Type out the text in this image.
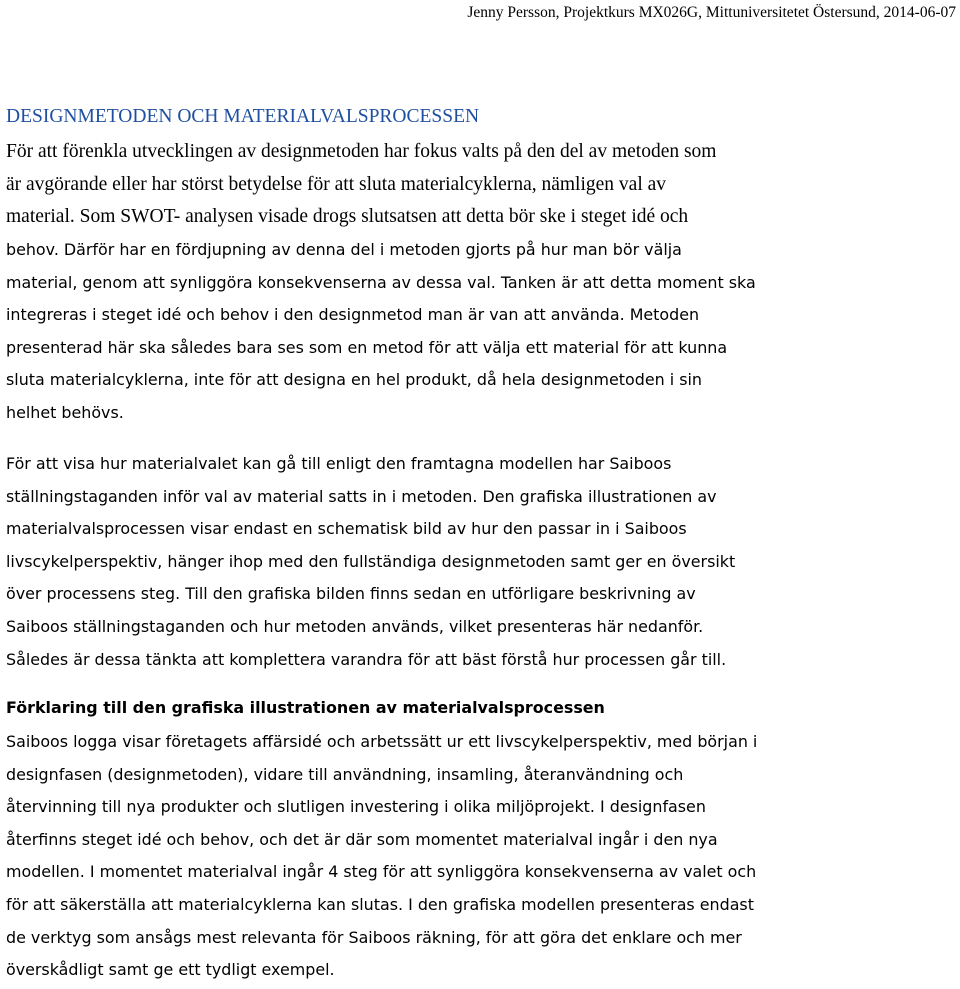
Jenny Persson, Projektkurs MX026G, Mittuniversitetet Östersund, 2014-06-07
DESIGNMETODEN OCH MATERIALVALSPROCESSEN

För att förenkla utvecklingen av designmetoden har fokus valts på den del av metoden som
är avgörande eller har störst betydelse för att sluta materialcyklerna, nämligen val av
material. Som SWOT- analysen visade drogs slutsatsen att detta bör ske i steget idé och

behov. Därför har en fördjupning av denna del i metoden gjorts på hur man bör välja
material, genom att synliggöra konsekvenserna av dessa val. Tanken är att detta moment ska
integreras i steget idé och behov i den designmetod man är van att använda. Metoden
presenterad här ska således bara ses som en metod för att välja ett material för att kunna
sluta materialcyklerna, inte för att designa en hel produkt, då hela designmetoden i sin
helhet behövs.

För att visa hur materialvalet kan gå till enligt den framtagna modellen har Saiboos
ställningstaganden inför val av material satts in i metoden. Den grafiska illustrationen av
materialvalsprocessen visar endast en schematisk bild av hur den passar in i Saiboos
livscykelperspektiv, hänger ihop med den fullständiga designmetoden samt ger en översikt
över processens steg. Till den grafiska bilden finns sedan en utförligare beskrivning av
Saiboos ställningstaganden och hur metoden används, vilket presenteras här nedanför.
Således är dessa tänkta att komplettera varandra för att bäst förstå hur processen går till.

Förklaring till den grafiska illustrationen av materialvalsprocessen

Saiboos logga visar företagets affärsidé och arbetssätt ur ett livscykelperspektiv, med början i
designfasen (designmetoden), vidare till användning, insamling, återanvändning och
återvinning till nya produkter och slutligen investering i olika miljöprojekt. I designfasen
återfinns steget idé och behov, och det är där som momentet materialval ingår i den nya
modellen. I momentet materialval ingår 4 steg för att synliggöra konsekvenserna av valet och
för att säkerställa att materialcyklerna kan slutas. I den grafiska modellen presenteras endast
de verktyg som ansågs mest relevanta för Saiboos räkning, för att göra det enklare och mer
överskådligt samt ge ett tydligt exempel.
